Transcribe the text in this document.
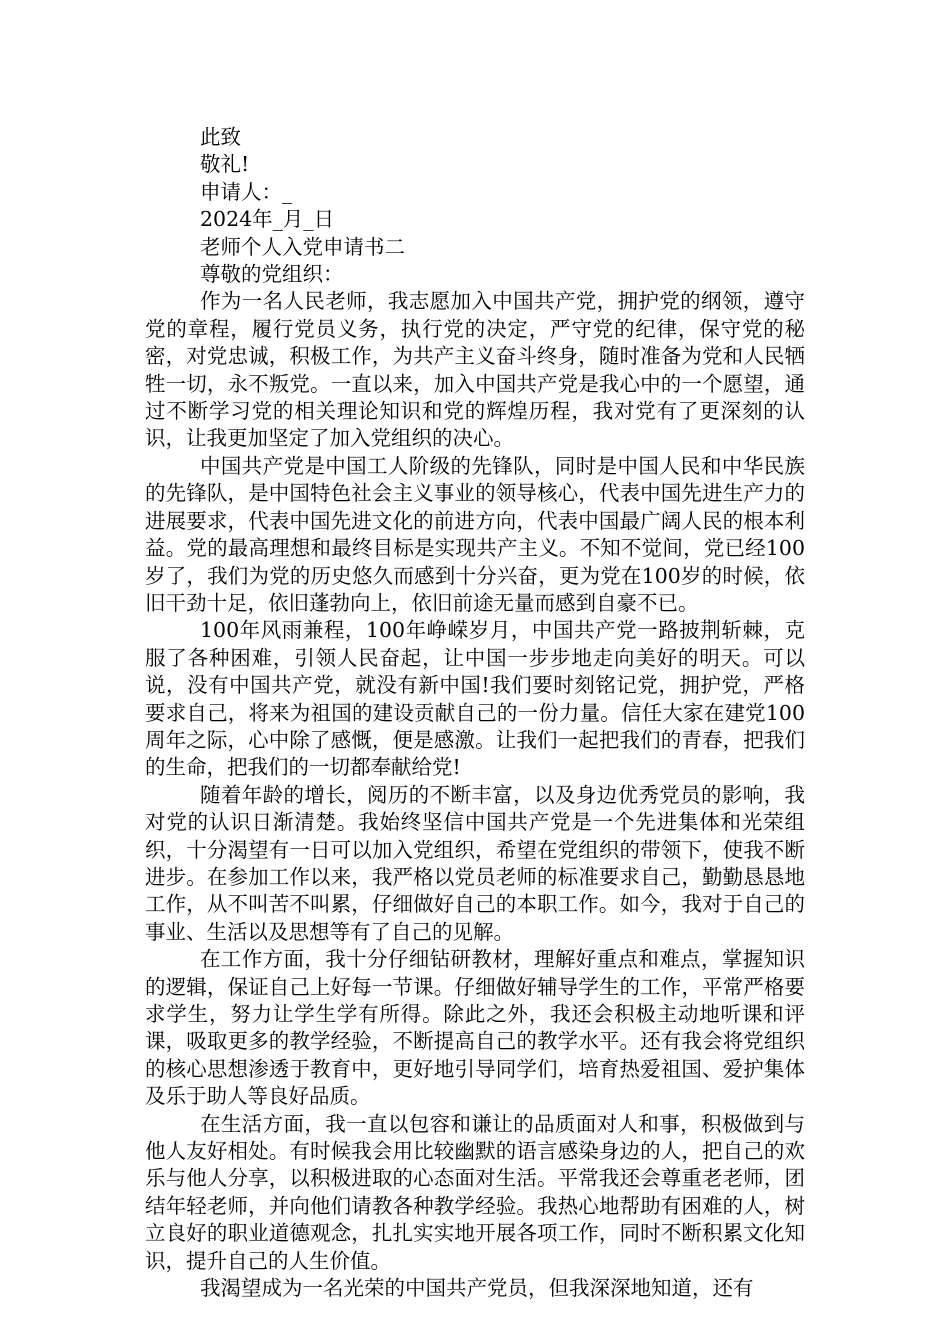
此致

敬礼!

申请人：_

2024年_月_日

老师个人入党申请书二

尊敬的党组织：

作为一名人民老师，我志愿加入中国共产党，拥护党的纲领，遵守党的章程，履行党员义务，执行党的决定，严守党的纪律，保守党的秘密，对党忠诚，积极工作，为共产主义奋斗终身，随时准备为党和人民牺牲一切，永不叛党。一直以来，加入中国共产党是我心中的一个愿望，通过不断学习党的相关理论知识和党的辉煌历程，我对党有了更深刻的认识，让我更加坚定了加入党组织的决心。

中国共产党是中国工人阶级的先锋队，同时是中国人民和中华民族的先锋队，是中国特色社会主义事业的领导核心，代表中国先进生产力的进展要求，代表中国先进文化的前进方向，代表中国最广阔人民的根本利益。党的最高理想和最终目标是实现共产主义。不知不觉间，党已经100岁了，我们为党的历史悠久而感到十分兴奋，更为党在100岁的时候，依旧干劲十足，依旧蓬勃向上，依旧前途无量而感到自豪不已。

100年风雨兼程，100年峥嵘岁月，中国共产党一路披荆斩棘，克服了各种困难，引领人民奋起，让中国一步步地走向美好的明天。可以说，没有中国共产党，就没有新中国!我们要时刻铭记党，拥护党，严格要求自己，将来为祖国的建设贡献自己的一份力量。信任大家在建党100周年之际，心中除了感慨，便是感激。让我们一起把我们的青春，把我们的生命，把我们的一切都奉献给党!

随着年龄的增长，阅历的不断丰富，以及身边优秀党员的影响，我对党的认识日渐清楚。我始终坚信中国共产党是一个先进集体和光荣组织，十分渴望有一日可以加入党组织，希望在党组织的带领下，使我不断进步。在参加工作以来，我严格以党员老师的标准要求自己，勤勤恳恳地工作，从不叫苦不叫累，仔细做好自己的本职工作。如今，我对于自己的事业、生活以及思想等有了自己的见解。

在工作方面，我十分仔细钻研教材，理解好重点和难点，掌握知识的逻辑，保证自己上好每一节课。仔细做好辅导学生的工作，平常严格要求学生，努力让学生学有所得。除此之外，我还会积极主动地听课和评课，吸取更多的教学经验，不断提高自己的教学水平。还有我会将党组织的核心思想渗透于教育中，更好地引导同学们，培育热爱祖国、爱护集体及乐于助人等良好品质。

在生活方面，我一直以包容和谦让的品质面对人和事，积极做到与他人友好相处。有时候我会用比较幽默的语言感染身边的人，把自己的欢乐与他人分享，以积极进取的心态面对生活。平常我还会尊重老老师，团结年轻老师，并向他们请教各种教学经验。我热心地帮助有困难的人，树立良好的职业道德观念，扎扎实实地开展各项工作，同时不断积累文化知识，提升自己的人生价值。

我渴望成为一名光荣的中国共产党员，但我深深地知道，还有
